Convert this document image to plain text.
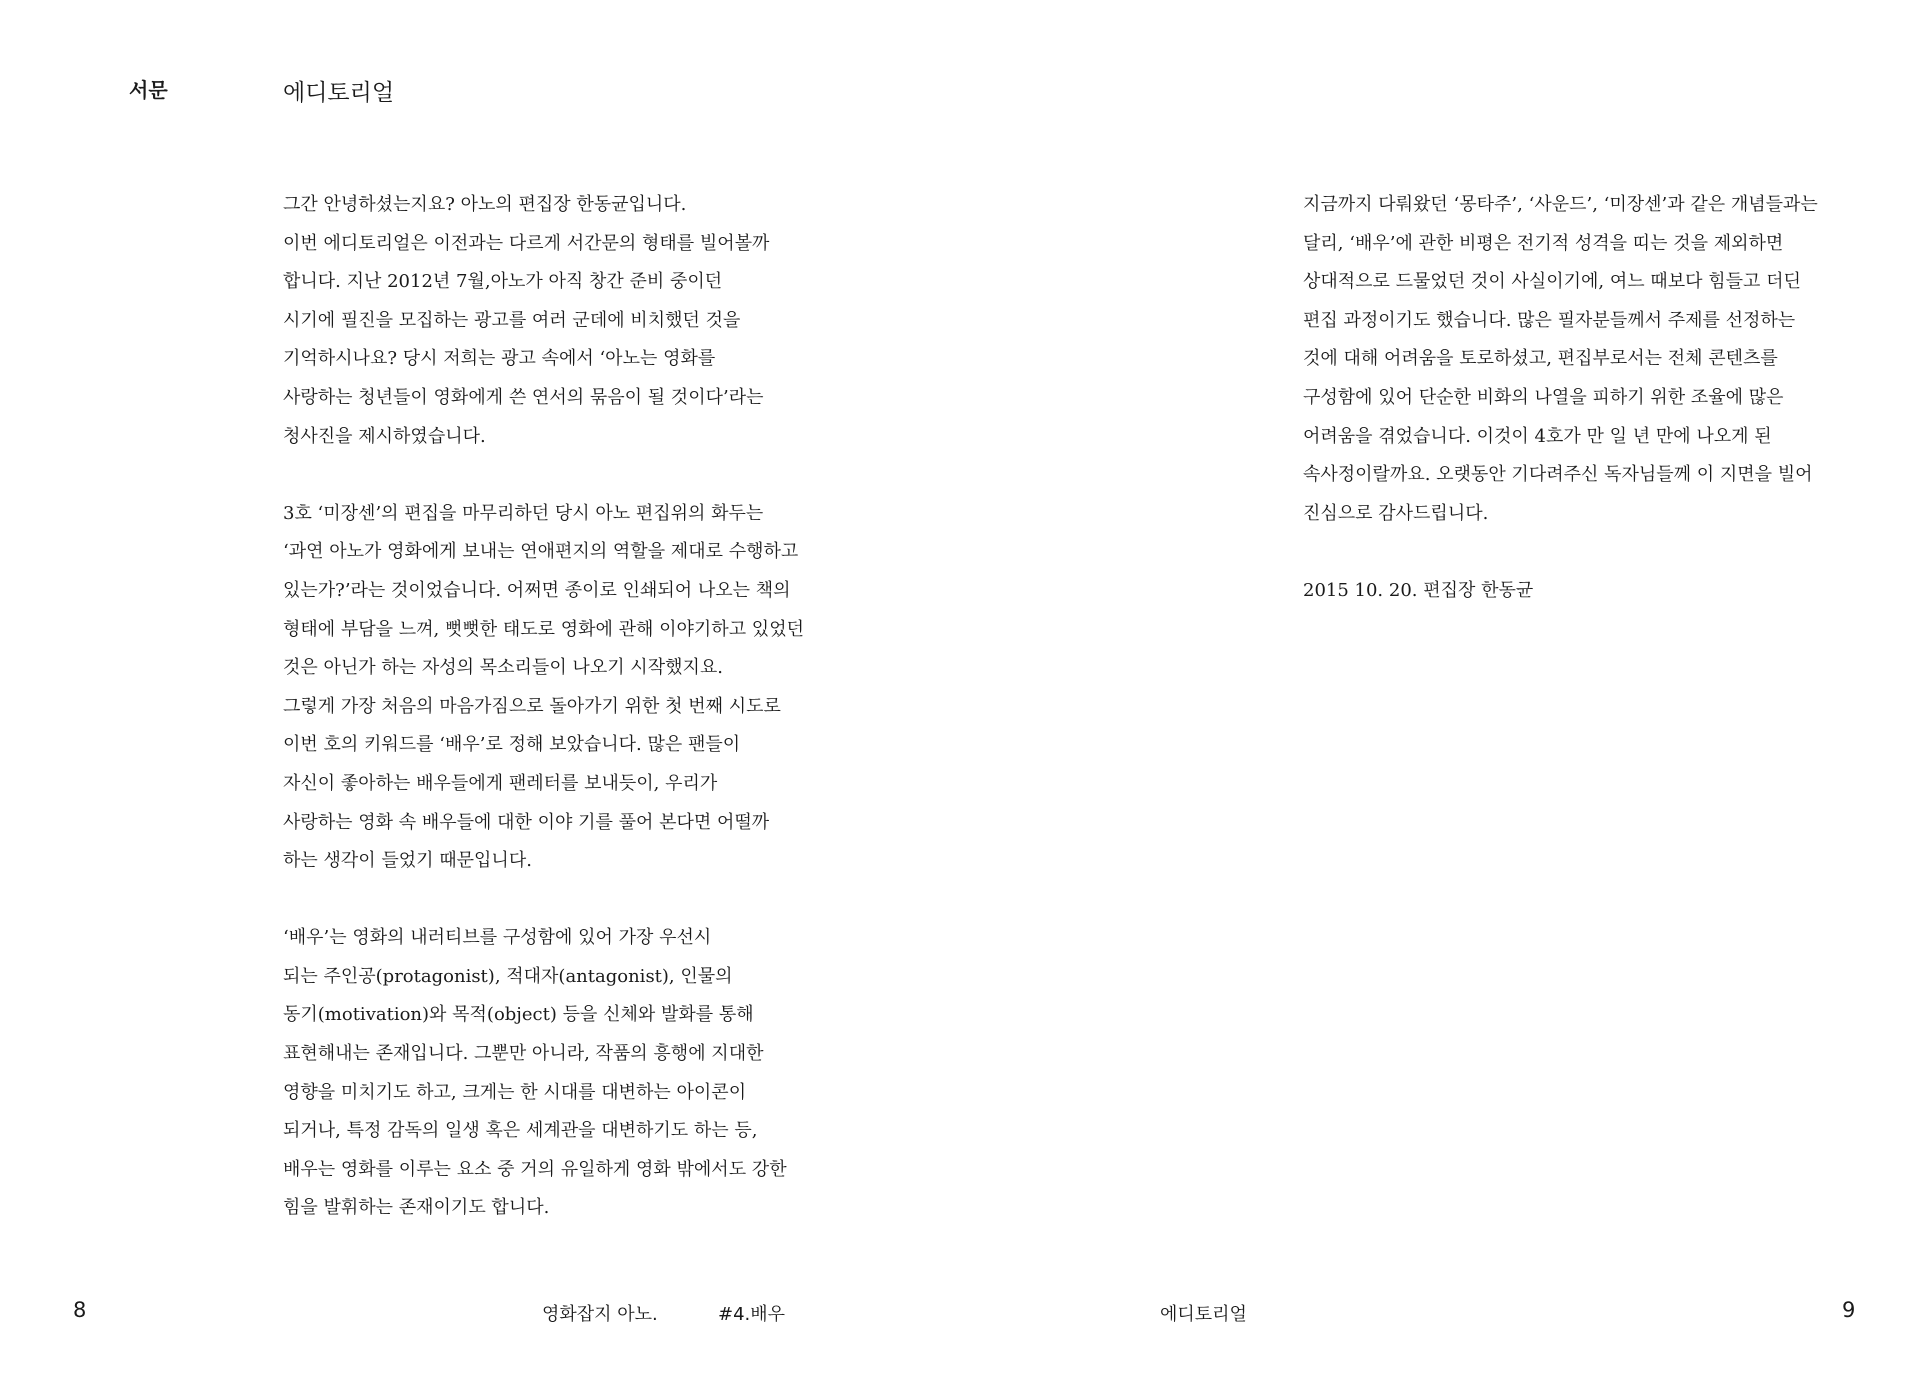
서문	에디토리얼

그간 안녕하셨는지요? 아노의 편집장 한동균입니다.

이번 에디토리얼은 이전과는 다르게 서간문의 형태를 빌어볼까

합니다. 지난 2012년 7월,아노가 아직 창간 준비 중이던

시기에 필진을 모집하는 광고를 여러 군데에 비치했던 것을

기억하시나요? 당시 저희는 광고 속에서 ‘아노는 영화를

사랑하는 청년들이 영화에게 쓴 연서의 묶음이 될 것이다’라는

청사진을 제시하였습니다.

3호 ‘미장센’의 편집을 마무리하던 당시 아노 편집위의 화두는

‘과연 아노가 영화에게 보내는 연애편지의 역할을 제대로 수행하고

있는가?’라는 것이었습니다. 어쩌면 종이로 인쇄되어 나오는 책의

형태에 부담을 느껴, 뻣뻣한 태도로 영화에 관해 이야기하고 있었던

것은 아닌가 하는 자성의 목소리들이 나오기 시작했지요.

그렇게 가장 처음의 마음가짐으로 돌아가기 위한 첫 번째 시도로

이번 호의 키워드를 ‘배우’로 정해 보았습니다. 많은 팬들이

자신이 좋아하는 배우들에게 팬레터를 보내듯이, 우리가

사랑하는 영화 속 배우들에 대한 이야 기를 풀어 본다면 어떨까

하는 생각이 들었기 때문입니다.

‘배우’는 영화의 내러티브를 구성함에 있어 가장 우선시

되는 주인공(protagonist), 적대자(antagonist), 인물의

동기(motivation)와 목적(object) 등을 신체와 발화를 통해

표현해내는 존재입니다. 그뿐만 아니라, 작품의 흥행에 지대한

영향을 미치기도 하고, 크게는 한 시대를 대변하는 아이콘이

되거나, 특정 감독의 일생 혹은 세계관을 대변하기도 하는 등,

배우는 영화를 이루는 요소 중 거의 유일하게 영화 밖에서도 강한

힘을 발휘하는 존재이기도 합니다.

지금까지 다뤄왔던 ‘몽타주’, ‘사운드’, ‘미장센’과 같은 개념들과는

달리, ‘배우’에 관한 비평은 전기적 성격을 띠는 것을 제외하면

상대적으로 드물었던 것이 사실이기에, 여느 때보다 힘들고 더딘

편집 과정이기도 했습니다. 많은 필자분들께서 주제를 선정하는

것에 대해 어려움을 토로하셨고, 편집부로서는 전체 콘텐츠를

구성함에 있어 단순한 비화의 나열을 피하기 위한 조율에 많은

어려움을 겪었습니다. 이것이 4호가 만 일 년 만에 나오게 된

속사정이랄까요. 오랫동안 기다려주신 독자님들께 이 지면을 빌어

진심으로 감사드립니다.

2015 10. 20. 편집장 한동균

8	영화잡지 아노.	#4.배우	에디토리얼	9
